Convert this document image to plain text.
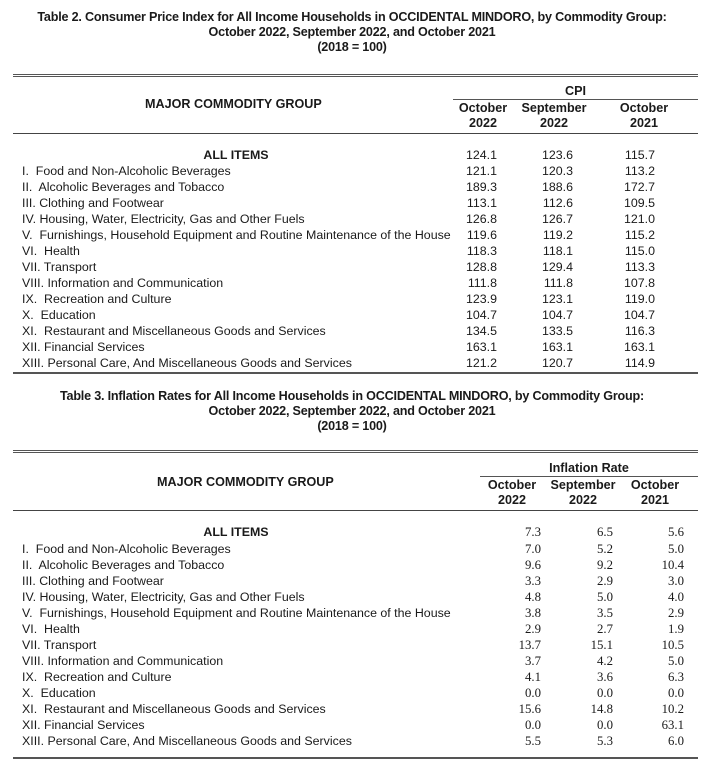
Table 2. Consumer Price Index for All Income Households in OCCIDENTAL MINDORO, by Commodity Group:
October 2022, September 2022, and October 2021
(2018 = 100)
MAJOR COMMODITY GROUP
CPI
October
2022
September
2022
October
2021
ALL ITEMS	124.1	123.6	115.7
I.  Food and Non-Alcoholic Beverages	121.1	120.3	113.2
II.  Alcoholic Beverages and Tobacco	189.3	188.6	172.7
III. Clothing and Footwear	113.1	112.6	109.5
IV. Housing, Water, Electricity, Gas and Other Fuels	126.8	126.7	121.0
V.  Furnishings, Household Equipment and Routine Maintenance of the House 119.6	119.2	115.2
VI.  Health	118.3	118.1	115.0
VII. Transport	128.8	129.4	113.3
VIII. Information and Communication	111.8	111.8	107.8
IX.  Recreation and Culture	123.9	123.1	119.0
X.  Education	104.7	104.7	104.7
XI.  Restaurant and Miscellaneous Goods and Services	134.5	133.5	116.3
XII. Financial Services	163.1	163.1	163.1
XIII. Personal Care, And Miscellaneous Goods and Services	121.2	120.7	114.9
Table 3. Inflation Rates for All Income Households in OCCIDENTAL MINDORO, by Commodity Group:
October 2022, September 2022, and October 2021
(2018 = 100)
MAJOR COMMODITY GROUP
Inflation Rate
October
2022
September
2022
October
2021
ALL ITEMS	7.3	6.5	5.6
I.  Food and Non-Alcoholic Beverages	7.0	5.2	5.0
II.  Alcoholic Beverages and Tobacco	9.6	9.2	10.4
III. Clothing and Footwear	3.3	2.9	3.0
IV. Housing, Water, Electricity, Gas and Other Fuels	4.8	5.0	4.0
V.  Furnishings, Household Equipment and Routine Maintenance of the House	3.8	3.5	2.9
VI.  Health	2.9	2.7	1.9
VII. Transport	13.7	15.1	10.5
VIII. Information and Communication	3.7	4.2	5.0
IX.  Recreation and Culture	4.1	3.6	6.3
X.  Education	0.0	0.0	0.0
XI.  Restaurant and Miscellaneous Goods and Services	15.6	14.8	10.2
XII. Financial Services	0.0	0.0	63.1
XIII. Personal Care, And Miscellaneous Goods and Services	5.5	5.3	6.0
